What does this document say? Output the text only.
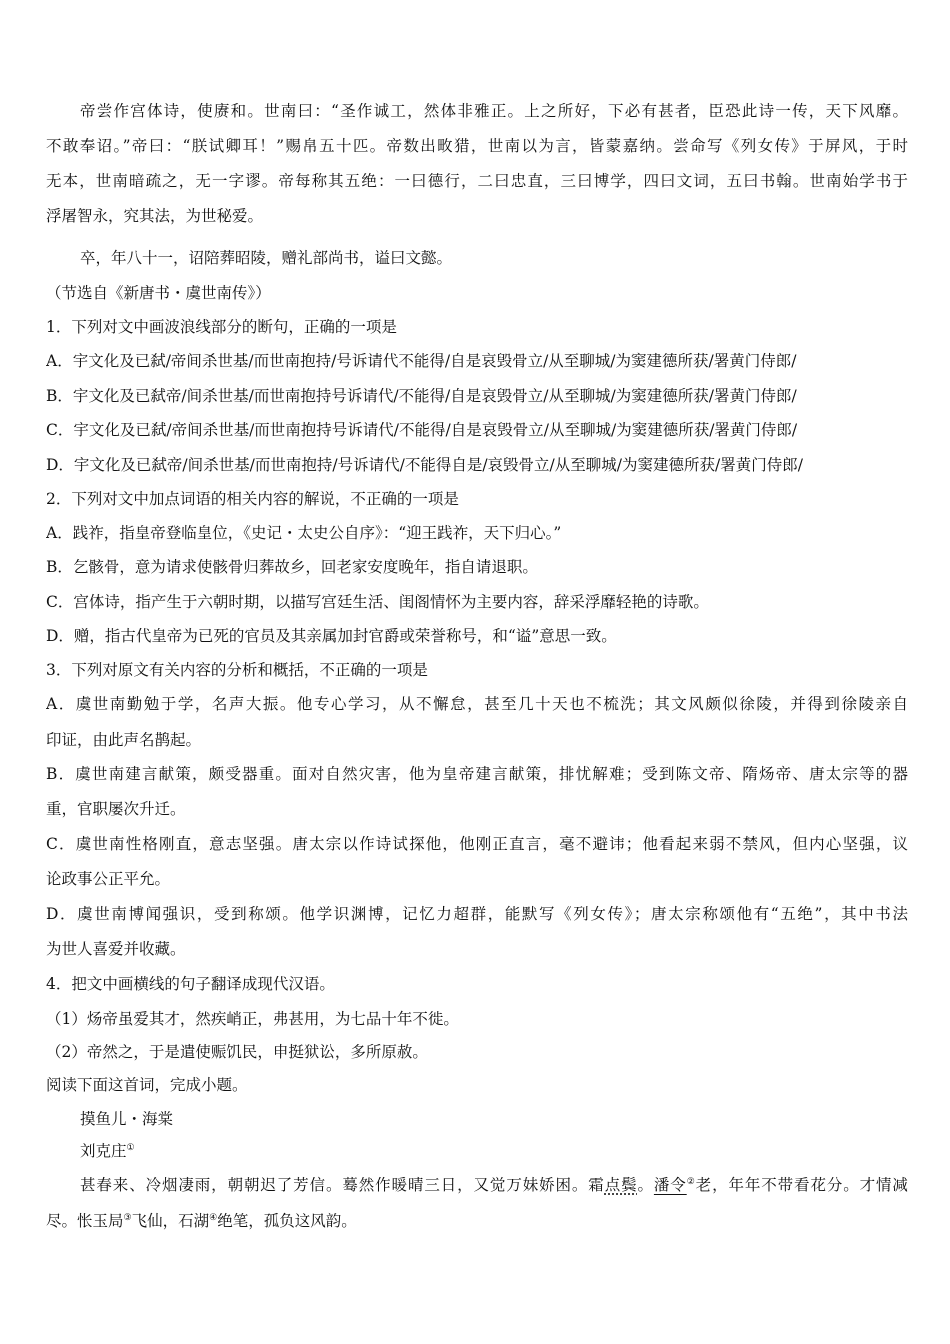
帝尝作宫体诗，使赓和。世南曰：“圣作诚工，然体非雅正。上之所好，下必有甚者，臣恐此诗一传，天下风靡。
不敢奉诏。”帝曰：“朕试卿耳！”赐帛五十匹。帝数出畋猎，世南以为言，皆蒙嘉纳。尝命写《列女传》于屏风，于时
无本，世南暗疏之，无一字谬。帝每称其五绝：一曰德行，二曰忠直，三曰博学，四曰文词，五曰书翰。世南始学书于
浮屠智永，究其法，为世秘爱。
卒，年八十一，诏陪葬昭陵，赠礼部尚书，谥曰文懿。
（节选自《新唐书・虞世南传》）
1．下列对文中画波浪线部分的断句，正确的一项是
A．宇文化及已弑/帝间杀世基/而世南抱持/号诉请代不能得/自是哀毁骨立/从至聊城/为窦建德所获/署黄门侍郎/
B．宇文化及已弑帝/间杀世基/而世南抱持号诉请代/不能得/自是哀毁骨立/从至聊城/为窦建德所获/署黄门侍郎/
C．宇文化及已弑/帝间杀世基/而世南抱持号诉请代/不能得/自是哀毁骨立/从至聊城/为窦建德所获/署黄门侍郎/
D．宇文化及已弑帝/间杀世基/而世南抱持/号诉请代/不能得自是/哀毁骨立/从至聊城/为窦建德所获/署黄门侍郎/
2．下列对文中加点词语的相关内容的解说，不正确的一项是
A．践祚，指皇帝登临皇位，《史记・太史公自序》：“迎王践祚，天下归心。”
B．乞骸骨，意为请求使骸骨归葬故乡，回老家安度晚年，指自请退职。
C．宫体诗，指产生于六朝时期，以描写宫廷生活、闺阁情怀为主要内容，辞采浮靡轻艳的诗歌。
D．赠，指古代皇帝为已死的官员及其亲属加封官爵或荣誉称号，和“谥”意思一致。
3．下列对原文有关内容的分析和概括，不正确的一项是
A．虞世南勤勉于学，名声大振。他专心学习，从不懈怠，甚至几十天也不梳洗；其文风颇似徐陵，并得到徐陵亲自
印证，由此声名鹊起。
B．虞世南建言献策，颇受器重。面对自然灾害，他为皇帝建言献策，排忧解难；受到陈文帝、隋炀帝、唐太宗等的器
重，官职屡次升迁。
C．虞世南性格刚直，意志坚强。唐太宗以作诗试探他，他刚正直言，毫不避讳；他看起来弱不禁风，但内心坚强，议
论政事公正平允。
D．虞世南博闻强识，受到称颂。他学识渊博，记忆力超群，能默写《列女传》；唐太宗称颂他有“五绝”，其中书法
为世人喜爱并收藏。
4．把文中画横线的句子翻译成现代汉语。
（1）炀帝虽爱其才，然疾峭正，弗甚用，为七品十年不徙。
（2）帝然之，于是遣使赈饥民，申挺狱讼，多所原赦。
阅读下面这首词，完成小题。
摸鱼儿・海棠
刘克庄①
甚春来、冷烟凄雨，朝朝迟了芳信。蓦然作暖晴三日，又觉万妹娇困。霜点鬓。潘令②老，年年不带看花分。才情减
尽。怅玉局③飞仙，石湖④绝笔，孤负这风韵。
